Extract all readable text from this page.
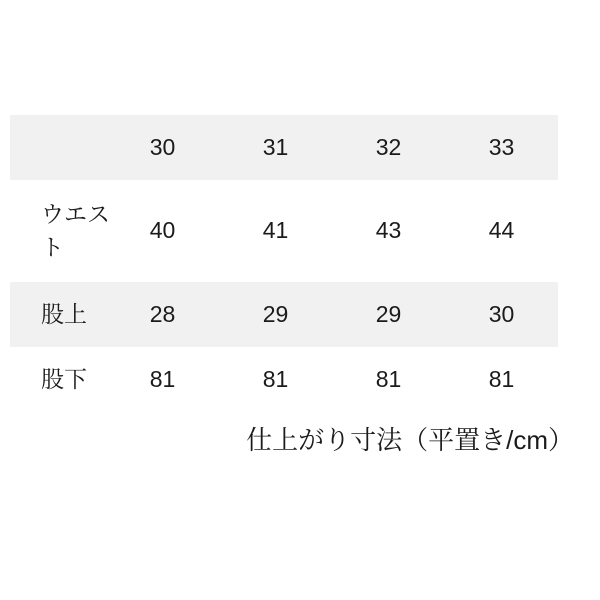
	30	31	32	33
ウエスト	40	41	43	44
股上	28	29	29	30
股下	81	81	81	81
仕上がり寸法（平置き/cm）
